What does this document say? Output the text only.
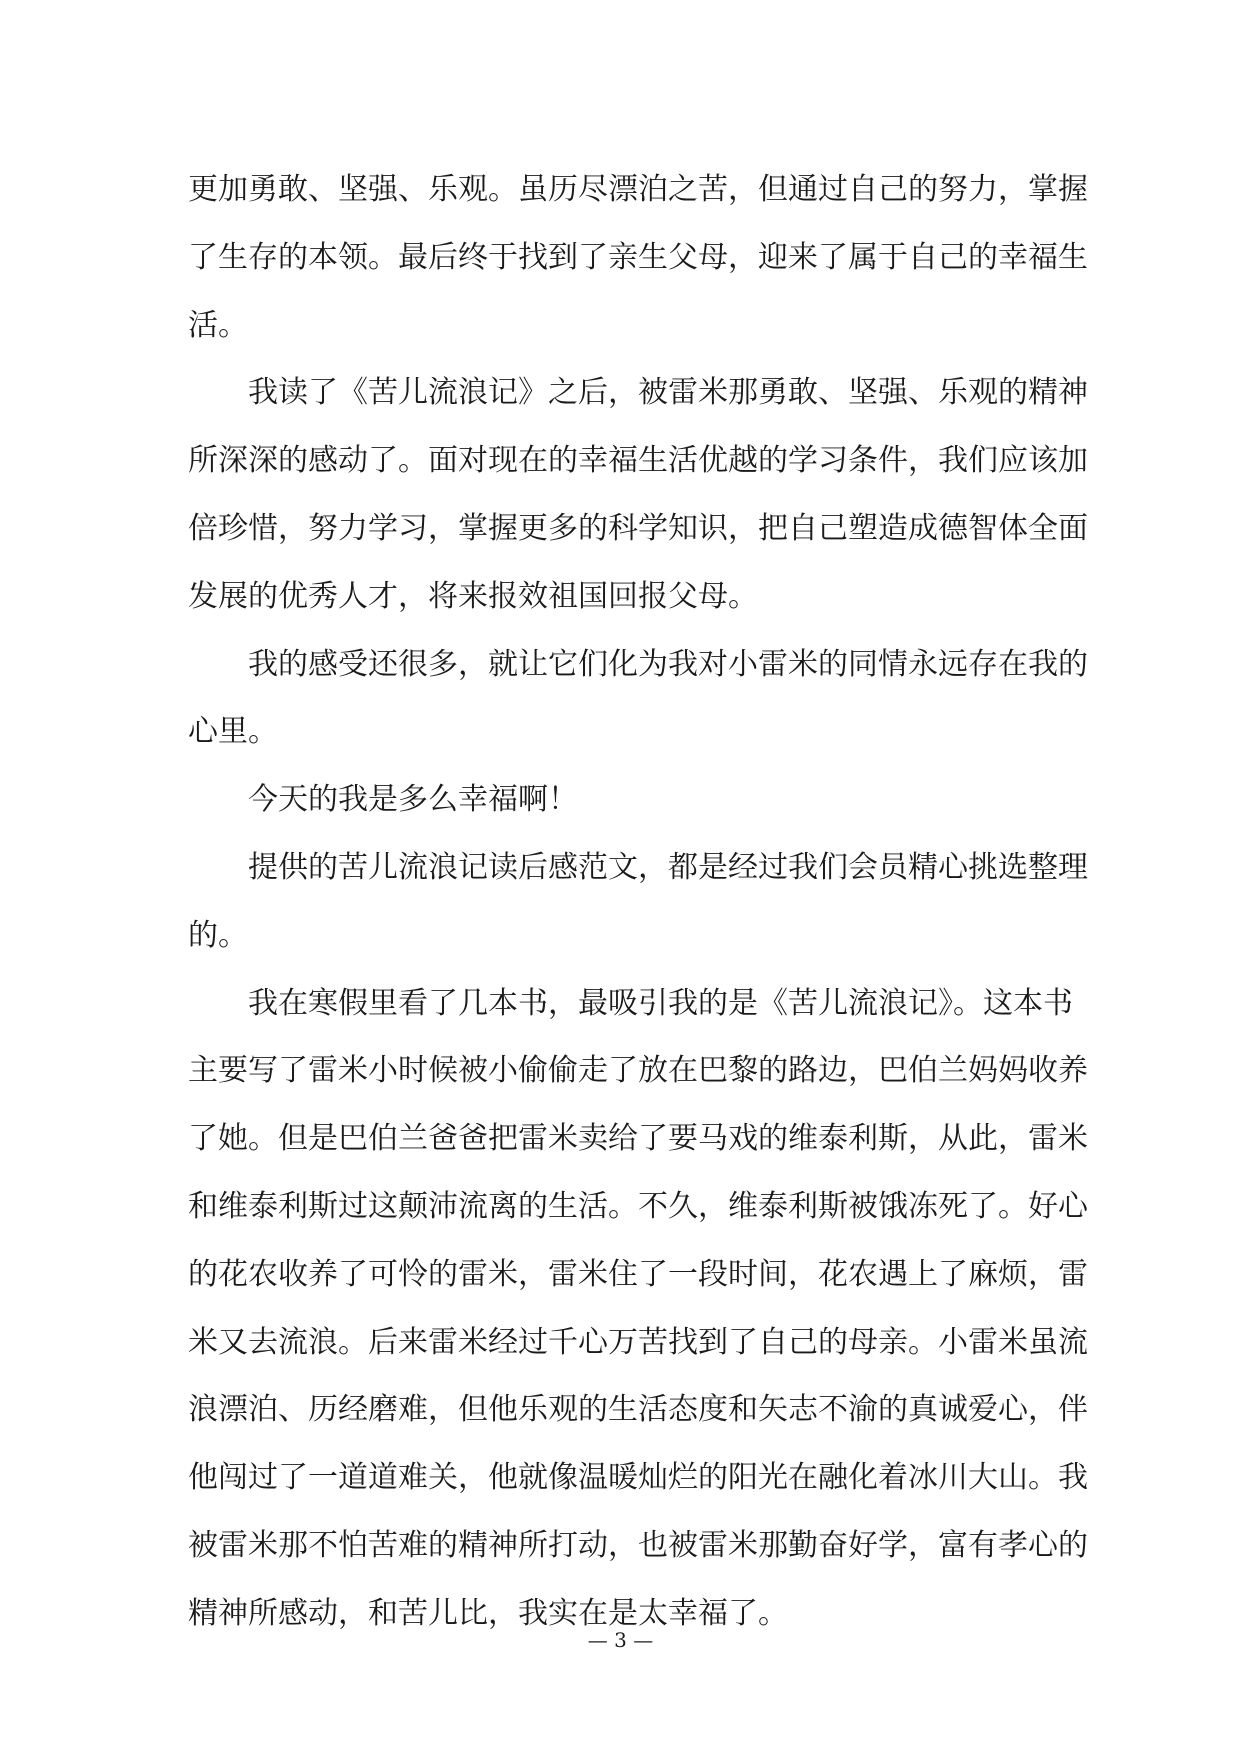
更加勇敢、坚强、乐观。虽历尽漂泊之苦，但通过自己的努力，掌握
了生存的本领。最后终于找到了亲生父母，迎来了属于自己的幸福生
活。
我读了《苦儿流浪记》之后，被雷米那勇敢、坚强、乐观的精神
所深深的感动了。面对现在的幸福生活优越的学习条件，我们应该加
倍珍惜，努力学习，掌握更多的科学知识，把自己塑造成德智体全面
发展的优秀人才，将来报效祖国回报父母。
我的感受还很多，就让它们化为我对小雷米的同情永远存在我的
心里。
今天的我是多么幸福啊！
提供的苦儿流浪记读后感范文，都是经过我们会员精心挑选整理
的。
我在寒假里看了几本书，最吸引我的是《苦儿流浪记》。这本书
主要写了雷米小时候被小偷偷走了放在巴黎的路边，巴伯兰妈妈收养
了她。但是巴伯兰爸爸把雷米卖给了要马戏的维泰利斯，从此，雷米
和维泰利斯过这颠沛流离的生活。不久，维泰利斯被饿冻死了。好心
的花农收养了可怜的雷米，雷米住了一段时间，花农遇上了麻烦，雷
米又去流浪。后来雷米经过千心万苦找到了自己的母亲。小雷米虽流
浪漂泊、历经磨难，但他乐观的生活态度和矢志不渝的真诚爱心，伴
他闯过了一道道难关，他就像温暖灿烂的阳光在融化着冰川大山。我
被雷米那不怕苦难的精神所打动，也被雷米那勤奋好学，富有孝心的
精神所感动，和苦儿比，我实在是太幸福了。
— 3 —
